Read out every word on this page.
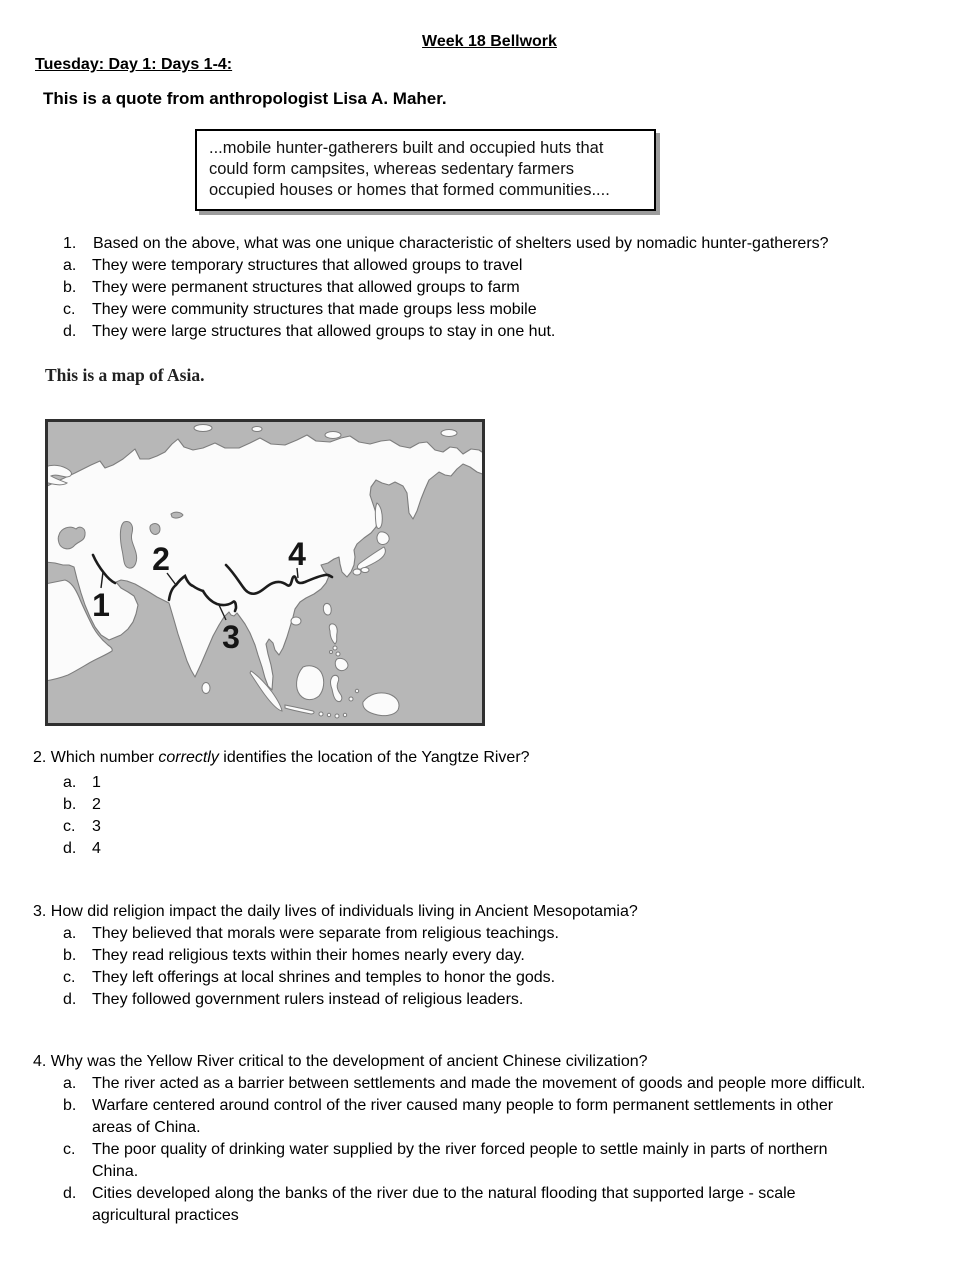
Week 18 Bellwork
Tuesday: Day 1: Days 1-4:
This is a quote from anthropologist Lisa A. Maher.
...mobile hunter-gatherers built and occupied huts that
could form campsites, whereas sedentary farmers
occupied houses or homes that formed communities....
1.	Based on the above, what was one unique characteristic of shelters used by nomadic hunter-gatherers?
a. They were temporary structures that allowed groups to travel
b. They were permanent structures that allowed groups to farm
c.	They were community structures that made groups less mobile
d. They were large structures that allowed groups to stay in one hut.
This is a map of Asia.
1
2
3
4
2. Which number correctly identifies the location of the Yangtze River?
a. 1
b. 2
c.	3
d. 4
3. How did religion impact the daily lives of individuals living in Ancient Mesopotamia?
a. They believed that morals were separate from religious teachings.
b. They read religious texts within their homes nearly every day.
c.	They left offerings at local shrines and temples to honor the gods.
d. They followed government rulers instead of religious leaders.
4. Why was the Yellow River critical to the development of ancient Chinese civilization?
a. The river acted as a barrier between settlements and made the movement of goods and people more difficult.
b. Warfare centered around control of the river caused many people to form permanent settlements in other
areas of China.
c.	The poor quality of drinking water supplied by the river forced people to settle mainly in parts of northern
China.
d. Cities developed along the banks of the river due to the natural flooding that supported large - scale
agricultural practices
